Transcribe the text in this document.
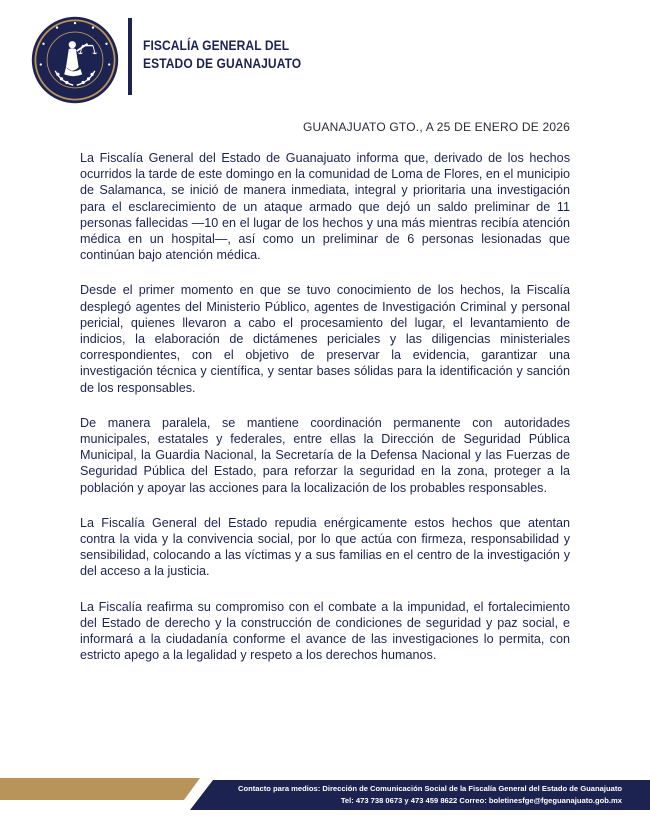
FISCALÍA GENERAL DEL
ESTADO DE GUANAJUATO
GUANAJUATO GTO., A 25 DE ENERO DE 2026

La Fiscalía General del Estado de Guanajuato informa que, derivado de los hechos ocurridos la tarde de este domingo en la comunidad de Loma de Flores, en el municipio de Salamanca, se inició de manera inmediata, integral y prioritaria una investigación para el esclarecimiento de un ataque armado que dejó un saldo preliminar de 11 personas fallecidas —10 en el lugar de los hechos y una más mientras recibía atención médica en un hospital—, así como un preliminar de 6 personas lesionadas que continúan bajo atención médica.

Desde el primer momento en que se tuvo conocimiento de los hechos, la Fiscalía desplegó agentes del Ministerio Público, agentes de Investigación Criminal y personal pericial, quienes llevaron a cabo el procesamiento del lugar, el levantamiento de indicios, la elaboración de dictámenes periciales y las diligencias ministeriales correspondientes, con el objetivo de preservar la evidencia, garantizar una investigación técnica y científica, y sentar bases sólidas para la identificación y sanción de los responsables.

De manera paralela, se mantiene coordinación permanente con autoridades municipales, estatales y federales, entre ellas la Dirección de Seguridad Pública Municipal, la Guardia Nacional, la Secretaría de la Defensa Nacional y las Fuerzas de Seguridad Pública del Estado, para reforzar la seguridad en la zona, proteger a la población y apoyar las acciones para la localización de los probables responsables.

La Fiscalía General del Estado repudia enérgicamente estos hechos que atentan contra la vida y la convivencia social, por lo que actúa con firmeza, responsabilidad y sensibilidad, colocando a las víctimas y a sus familias en el centro de la investigación y del acceso a la justicia.

La Fiscalía reafirma su compromiso con el combate a la impunidad, el fortalecimiento del Estado de derecho y la construcción de condiciones de seguridad y paz social, e informará a la ciudadanía conforme el avance de las investigaciones lo permita, con estricto apego a la legalidad y respeto a los derechos humanos.

Contacto para medios: Dirección de Comunicación Social de la Fiscalía General del Estado de Guanajuato
Tel: 473 738 0673 y 473 459 8622 Correo: boletinesfge@fgeguanajuato.gob.mx
